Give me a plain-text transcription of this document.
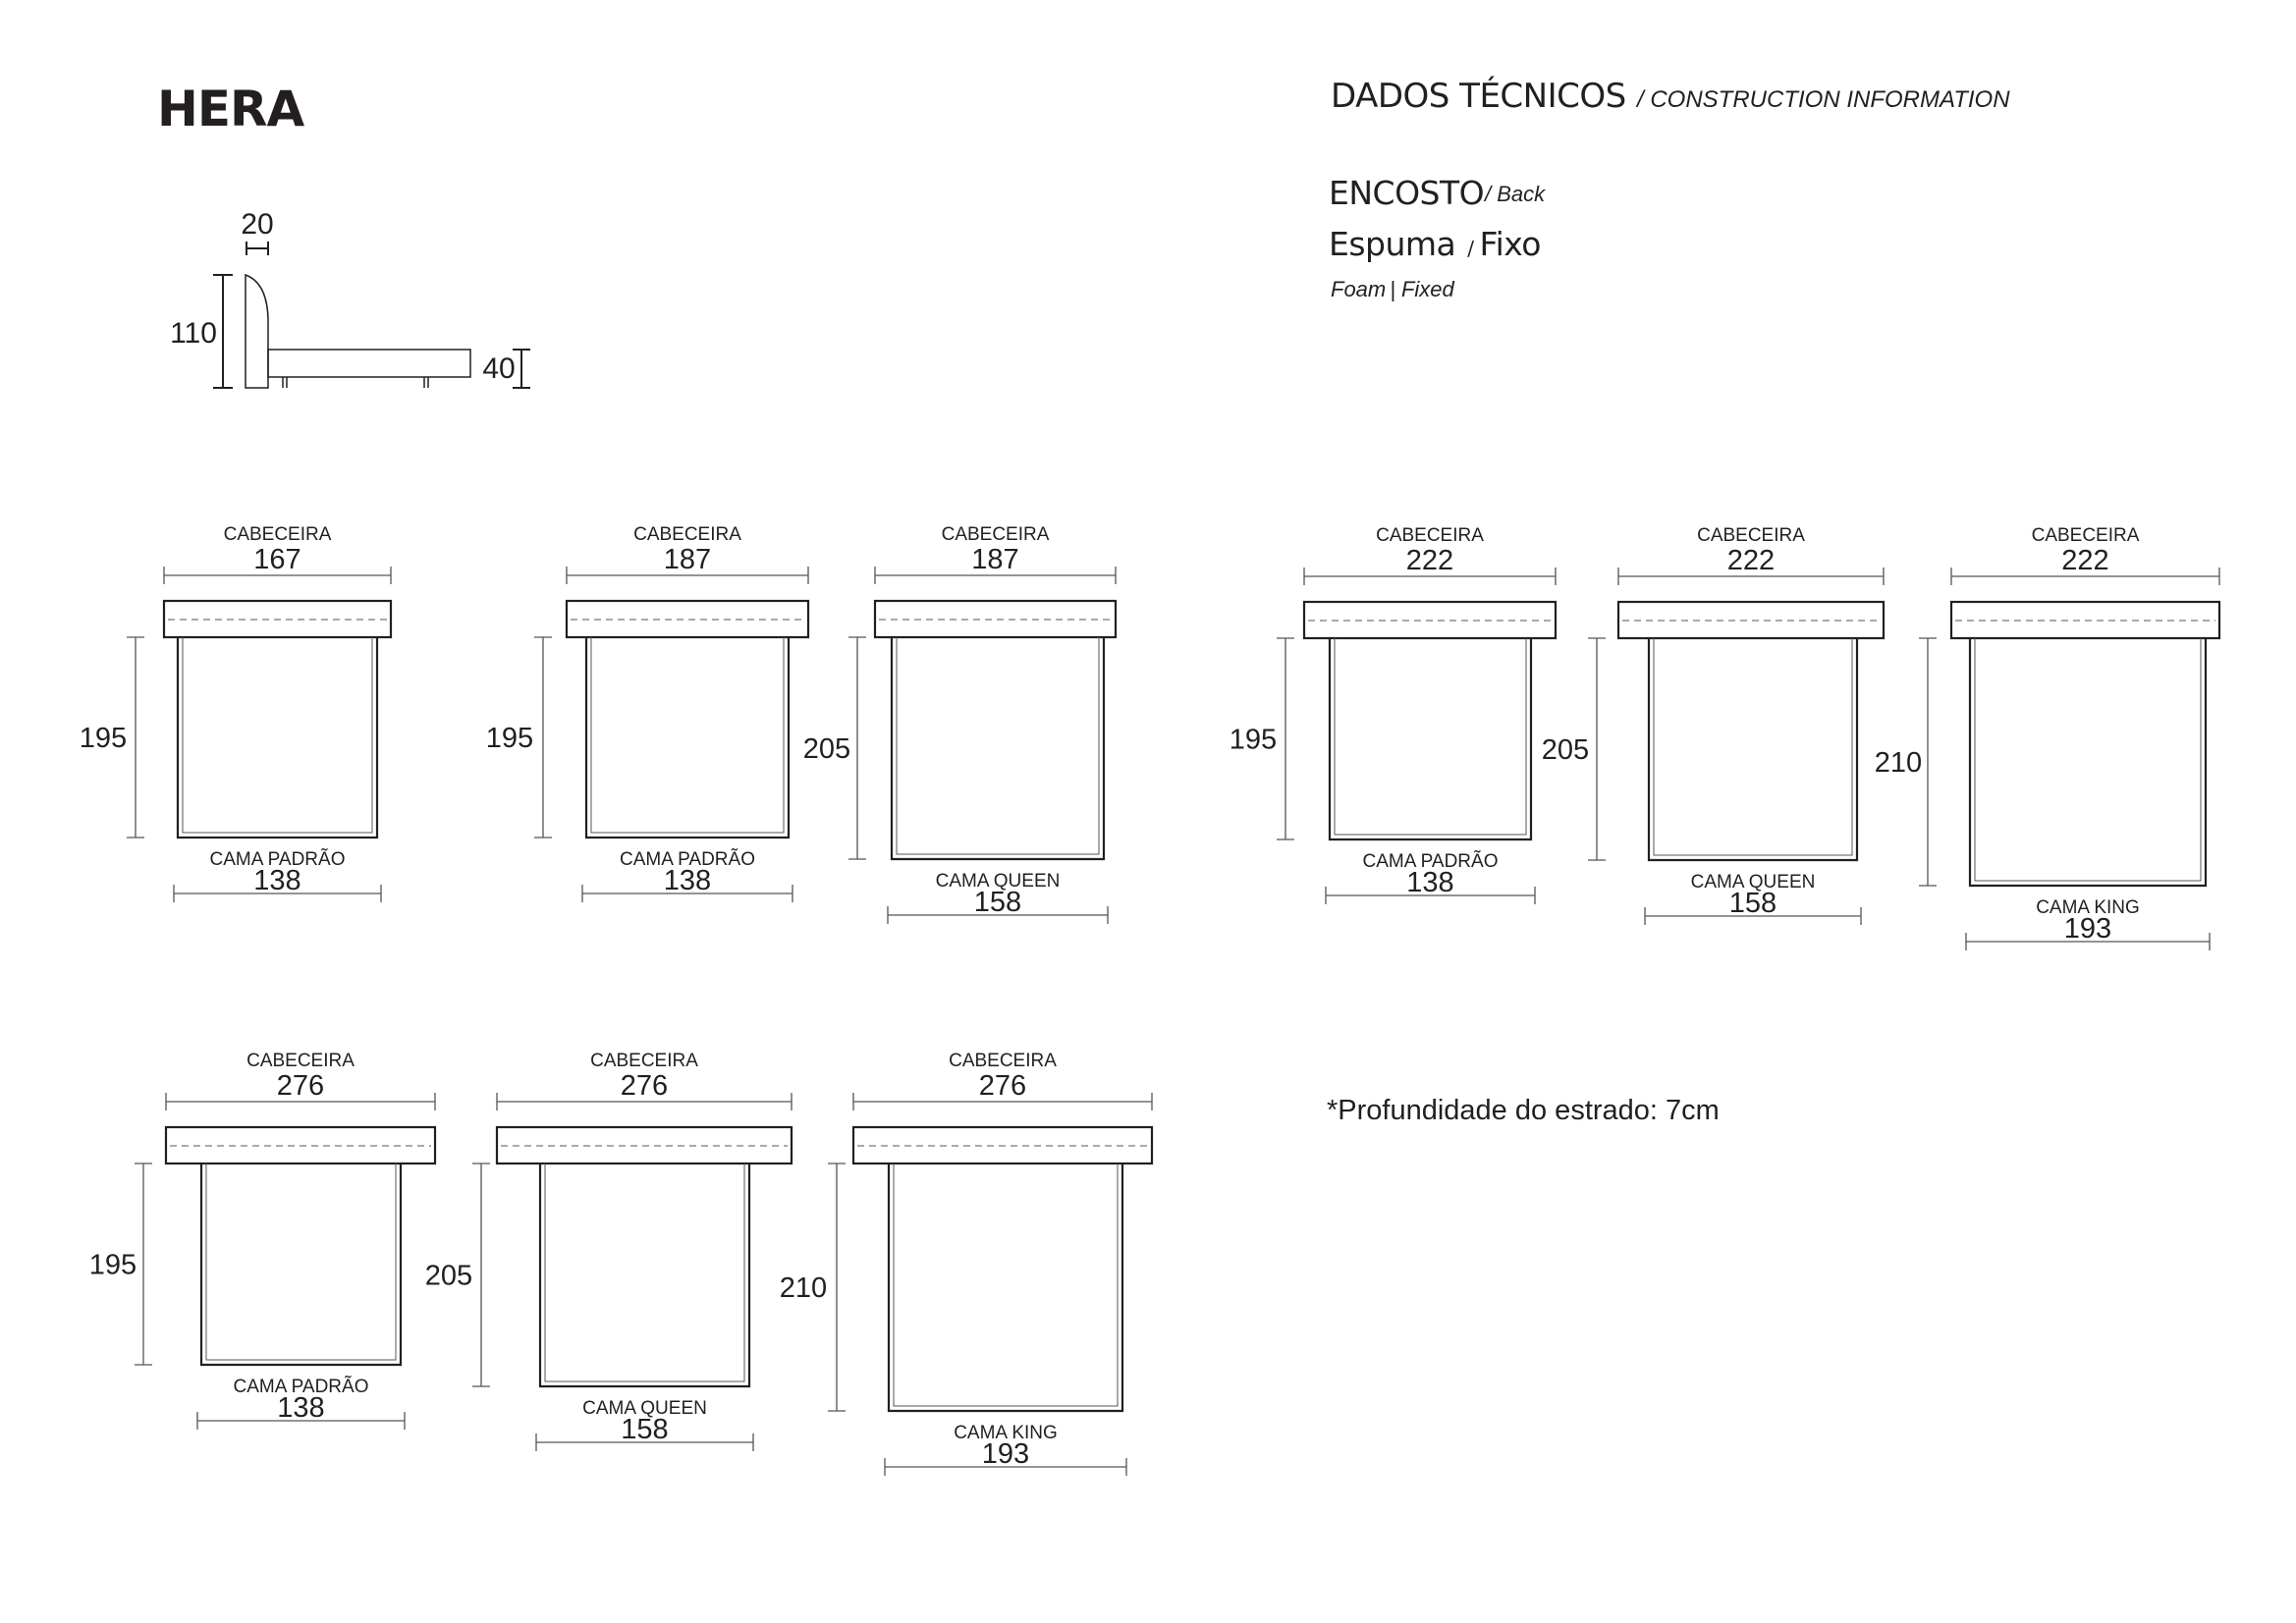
HERA	DADOS TÉCNICOS / CONSTRUCTION INFORMATION
ENCOSTO / Back
Espuma / Fixo
Foam | Fixed
*Profundidade do estrado: 7cm
20
110
40
CABECEIRA
167
195
CAMA PADRÃO
138
CABECEIRA
187
195
CAMA PADRÃO
138
CABECEIRA
187
205
CAMA QUEEN
158
CABECEIRA
222
195
CAMA PADRÃO
138
CABECEIRA
222
205
CAMA QUEEN
158
CABECEIRA
222
210
CAMA KING
193
CABECEIRA
276
195
CAMA PADRÃO
138
CABECEIRA
276
205
CAMA QUEEN
158
CABECEIRA
276
210
CAMA KING
193
